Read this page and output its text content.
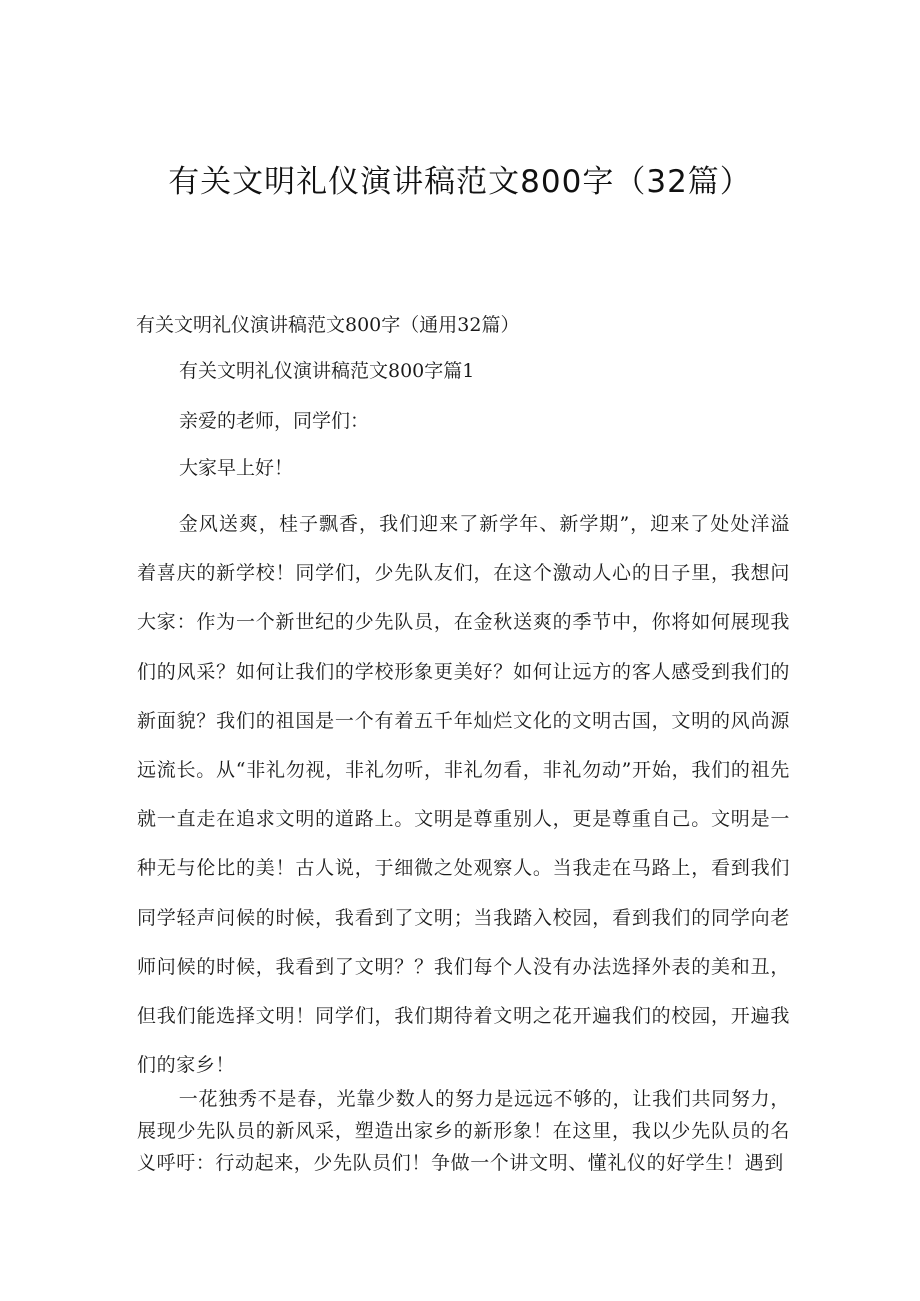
有关文明礼仪演讲稿范文800字（32篇）

有关文明礼仪演讲稿范文800字（通用32篇）

有关文明礼仪演讲稿范文800字篇1

亲爱的老师，同学们：

大家早上好！

金风送爽，桂子飘香，我们迎来了新学年、新学期”，迎来了处处洋溢着喜庆的新学校！同学们，少先队友们，在这个激动人心的日子里，我想问大家：作为一个新世纪的少先队员，在金秋送爽的季节中，你将如何展现我们的风采？如何让我们的学校形象更美好？如何让远方的客人感受到我们的新面貌？我们的祖国是一个有着五千年灿烂文化的文明古国，文明的风尚源远流长。从“非礼勿视，非礼勿听，非礼勿看，非礼勿动”开始，我们的祖先就一直走在追求文明的道路上。文明是尊重别人，更是尊重自己。文明是一种无与伦比的美！古人说，于细微之处观察人。当我走在马路上，看到我们同学轻声问候的时候，我看到了文明；当我踏入校园，看到我们的同学向老师问候的时候，我看到了文明？？我们每个人没有办法选择外表的美和丑，但我们能选择文明！同学们，我们期待着文明之花开遍我们的校园，开遍我们的家乡！

一花独秀不是春，光靠少数人的努力是远远不够的，让我们共同努力，展现少先队员的新风采，塑造出家乡的新形象！在这里，我以少先队员的名义呼吁：行动起来，少先队员们！争做一个讲文明、懂礼仪的好学生！遇到
